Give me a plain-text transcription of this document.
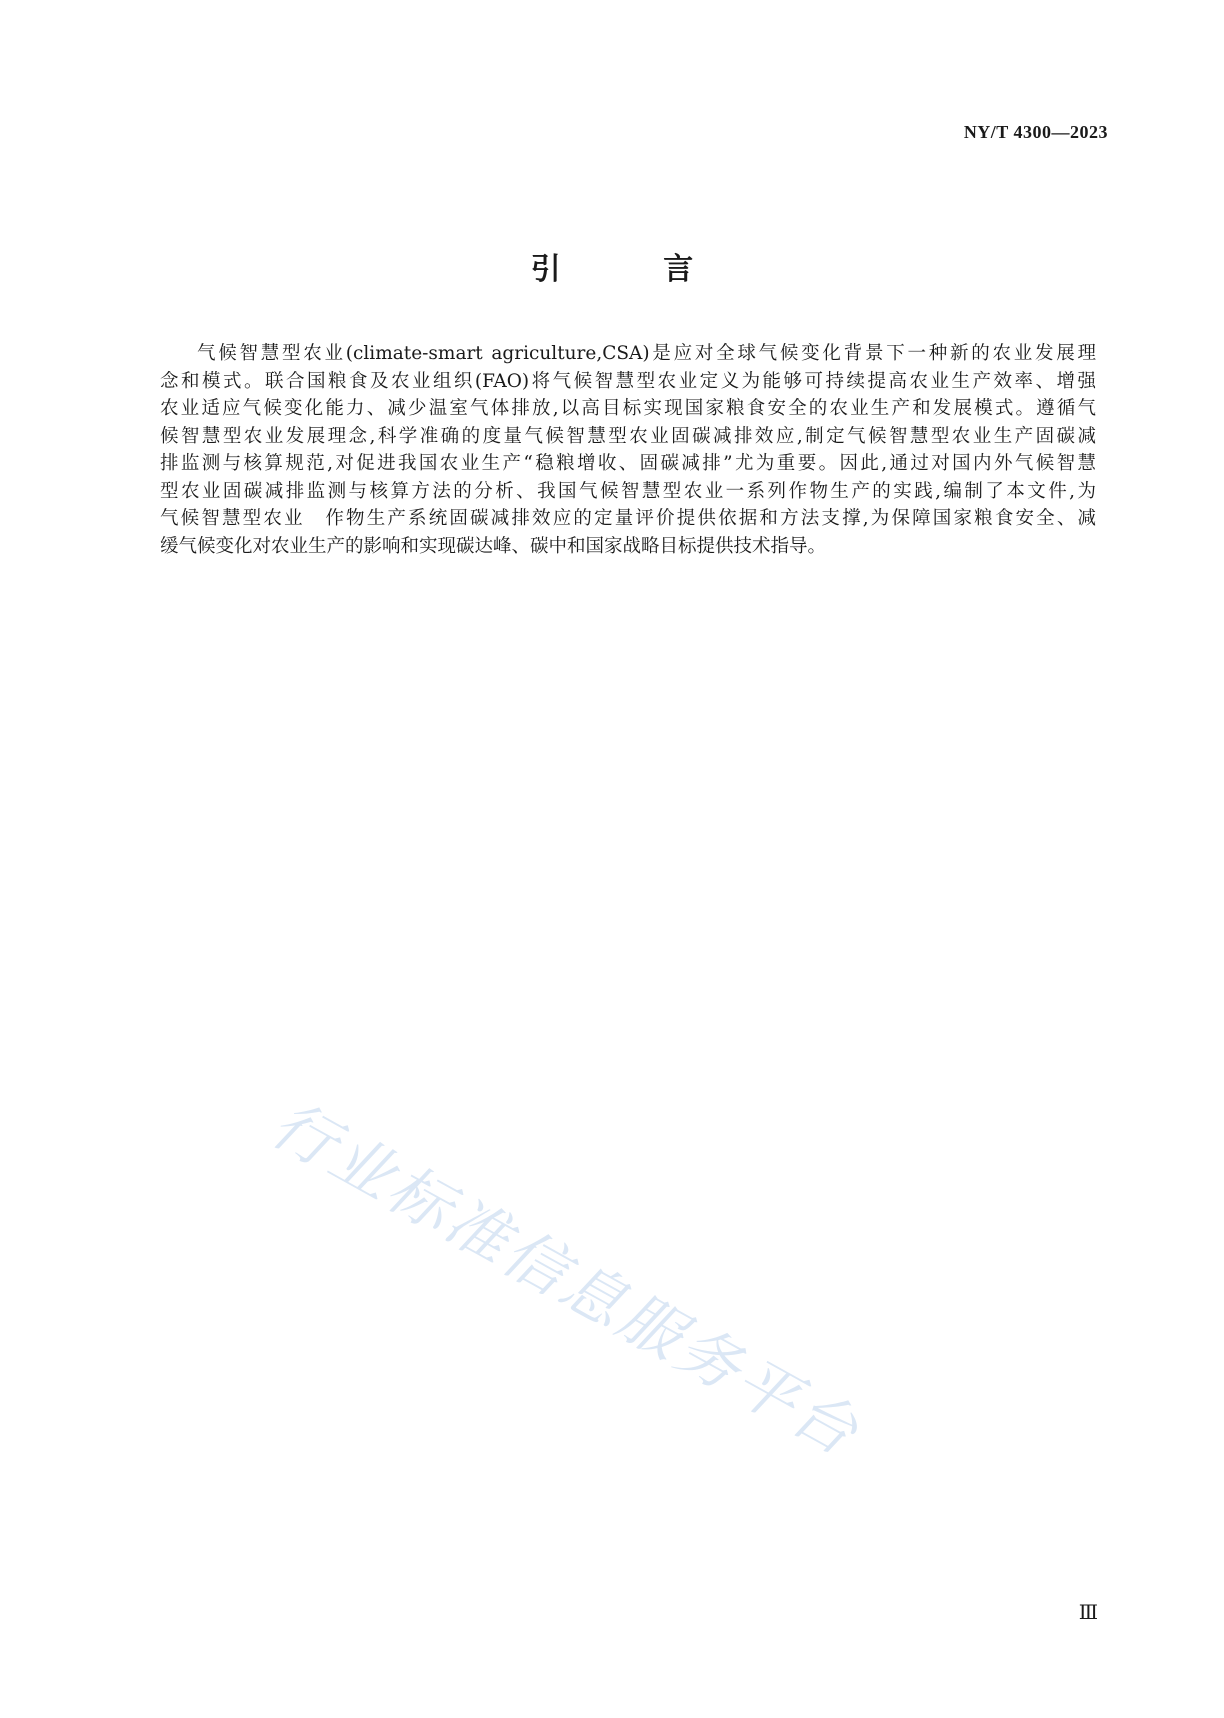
NY/T 4300—2023
引 言
气候智慧型农业(climate-smart agriculture,CSA)是应对全球气候变化背景下一种新的农业发展理
念和模式。联合国粮食及农业组织(FAO)将气候智慧型农业定义为能够可持续提高农业生产效率、增强
农业适应气候变化能力、减少温室气体排放,以高目标实现国家粮食安全的农业生产和发展模式。遵循气
候智慧型农业发展理念,科学准确的度量气候智慧型农业固碳减排效应,制定气候智慧型农业生产固碳减
排监测与核算规范,对促进我国农业生产“稳粮增收、固碳减排”尤为重要。因此,通过对国内外气候智慧
型农业固碳减排监测与核算方法的分析、我国气候智慧型农业一系列作物生产的实践,编制了本文件,为
气候智慧型农业　作物生产系统固碳减排效应的定量评价提供依据和方法支撑,为保障国家粮食安全、减
缓气候变化对农业生产的影响和实现碳达峰、碳中和国家战略目标提供技术指导。
行业标准信息服务平台
Ⅲ
